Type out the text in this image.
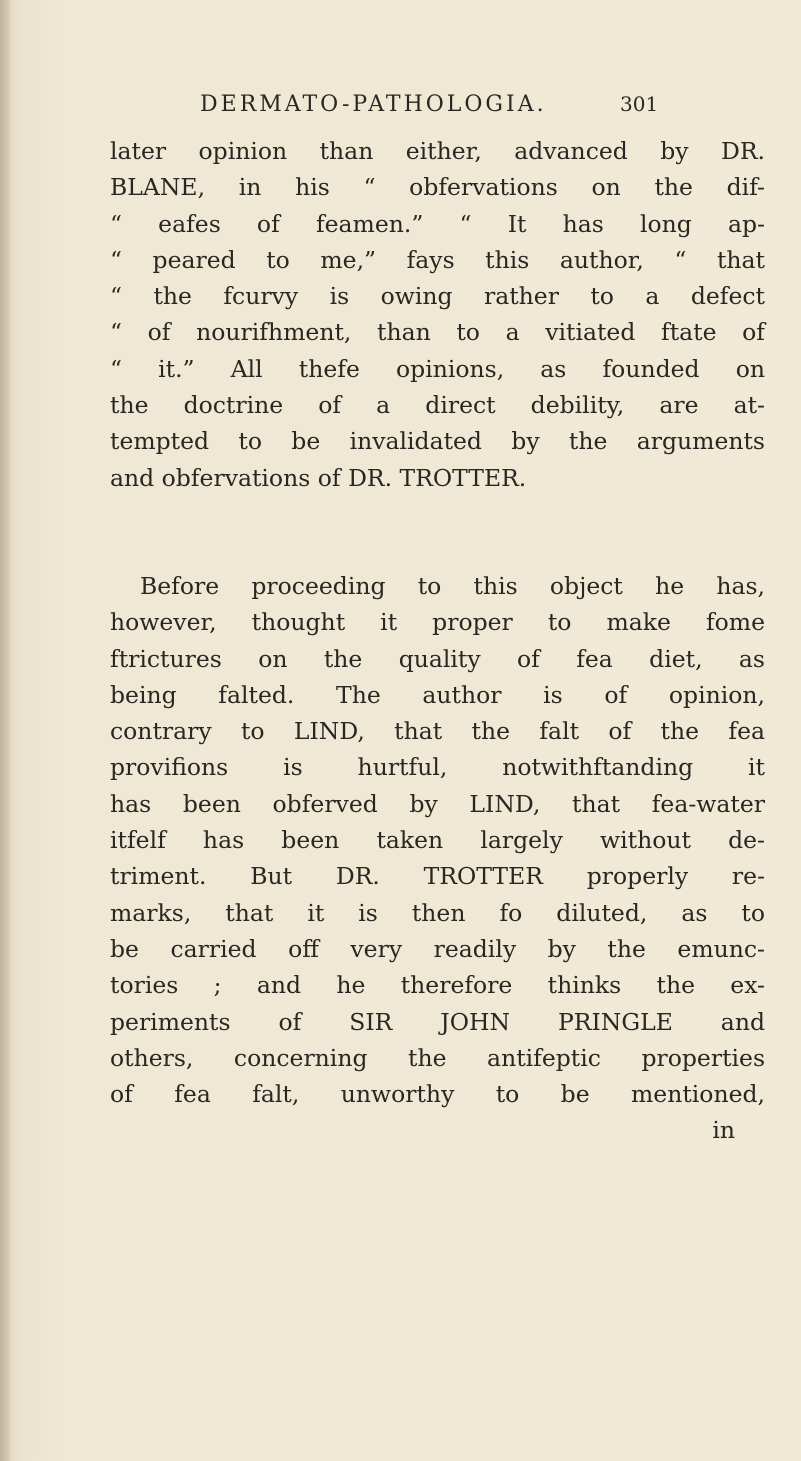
DERMATO-PATHOLOGIA.	301
later opinion than either, advanced by DR.
BLANE, in his “ obfervations on the dif-
“ eafes of feamen.” “ It has long ap-
“ peared to me,” fays this author, “ that
“ the fcurvy is owing rather to a defect
“ of nourifhment, than to a vitiated ftate of
“ it.” All thefe opinions, as founded on
the doctrine of a direct debility, are at-
tempted to be invalidated by the arguments
and obfervations of DR. TROTTER.
Before proceeding to this object he has,
however, thought it proper to make fome
ftrictures on the quality of fea diet, as
being falted. The author is of opinion,
contrary to LIND, that the falt of the fea
provifions is hurtful, notwithftanding it
has been obferved by LIND, that fea-water
itfelf has been taken largely without de-
triment. But DR. TROTTER properly re-
marks, that it is then fo diluted, as to
be carried off very readily by the emunc-
tories ; and he therefore thinks the ex-
periments of SIR JOHN PRINGLE and
others, concerning the antifeptic properties
of fea falt, unworthy to be mentioned,
in
